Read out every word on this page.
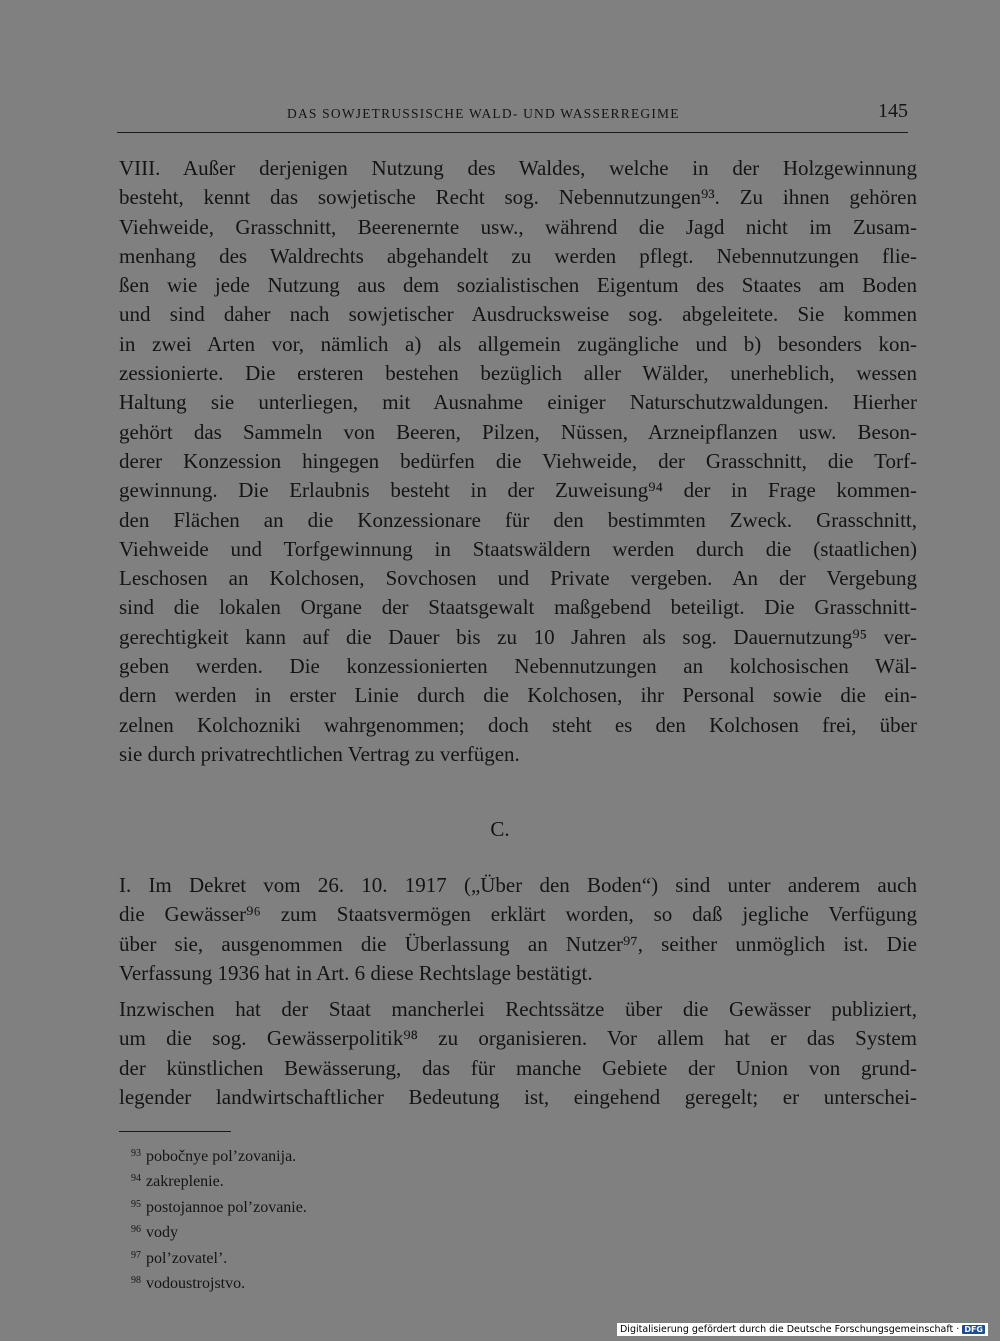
DAS SOWJETRUSSISCHE WALD- UND WASSERREGIME	145
VIII. Außer derjenigen Nutzung des Waldes, welche in der Holzgewinnung
besteht, kennt das sowjetische Recht sog. Nebennutzungen⁹³. Zu ihnen gehören
Viehweide, Grasschnitt, Beerenernte usw., während die Jagd nicht im Zusam-
menhang des Waldrechts abgehandelt zu werden pflegt. Nebennutzungen flie-
ßen wie jede Nutzung aus dem sozialistischen Eigentum des Staates am Boden
und sind daher nach sowjetischer Ausdrucksweise sog. abgeleitete. Sie kommen
in zwei Arten vor, nämlich a) als allgemein zugängliche und b) besonders kon-
zessionierte. Die ersteren bestehen bezüglich aller Wälder, unerheblich, wessen
Haltung sie unterliegen, mit Ausnahme einiger Naturschutzwaldungen. Hierher
gehört das Sammeln von Beeren, Pilzen, Nüssen, Arzneipflanzen usw. Beson-
derer Konzession hingegen bedürfen die Viehweide, der Grasschnitt, die Torf-
gewinnung. Die Erlaubnis besteht in der Zuweisung⁹⁴ der in Frage kommen-
den Flächen an die Konzessionare für den bestimmten Zweck. Grasschnitt,
Viehweide und Torfgewinnung in Staatswäldern werden durch die (staatlichen)
Leschosen an Kolchosen, Sovchosen und Private vergeben. An der Vergebung
sind die lokalen Organe der Staatsgewalt maßgebend beteiligt. Die Grasschnitt-
gerechtigkeit kann auf die Dauer bis zu 10 Jahren als sog. Dauernutzung⁹⁵ ver-
geben werden. Die konzessionierten Nebennutzungen an kolchosischen Wäl-
dern werden in erster Linie durch die Kolchosen, ihr Personal sowie die ein-
zelnen Kolchozniki wahrgenommen; doch steht es den Kolchosen frei, über
sie durch privatrechtlichen Vertrag zu verfügen.
C.
I. Im Dekret vom 26. 10. 1917 („Über den Boden“) sind unter anderem auch
die Gewässer⁹⁶ zum Staatsvermögen erklärt worden, so daß jegliche Verfügung
über sie, ausgenommen die Überlassung an Nutzer⁹⁷, seither unmöglich ist. Die
Verfassung 1936 hat in Art. 6 diese Rechtslage bestätigt.
Inzwischen hat der Staat mancherlei Rechtssätze über die Gewässer publiziert,
um die sog. Gewässerpolitik⁹⁸ zu organisieren. Vor allem hat er das System
der künstlichen Bewässerung, das für manche Gebiete der Union von grund-
legender landwirtschaftlicher Bedeutung ist, eingehend geregelt; er unterschei-
$^{93}$ pobočnye pol’zovanija.
$^{94}$ zakreplenie.
$^{95}$ postojannoe pol’zovanie.
$^{96}$ vody
$^{97}$ pol’zovatel’.
$^{98}$ vodoustrojstvo.
Digitalisierung gefördert durch die Deutsche Forschungsgemeinschaft · DFG
